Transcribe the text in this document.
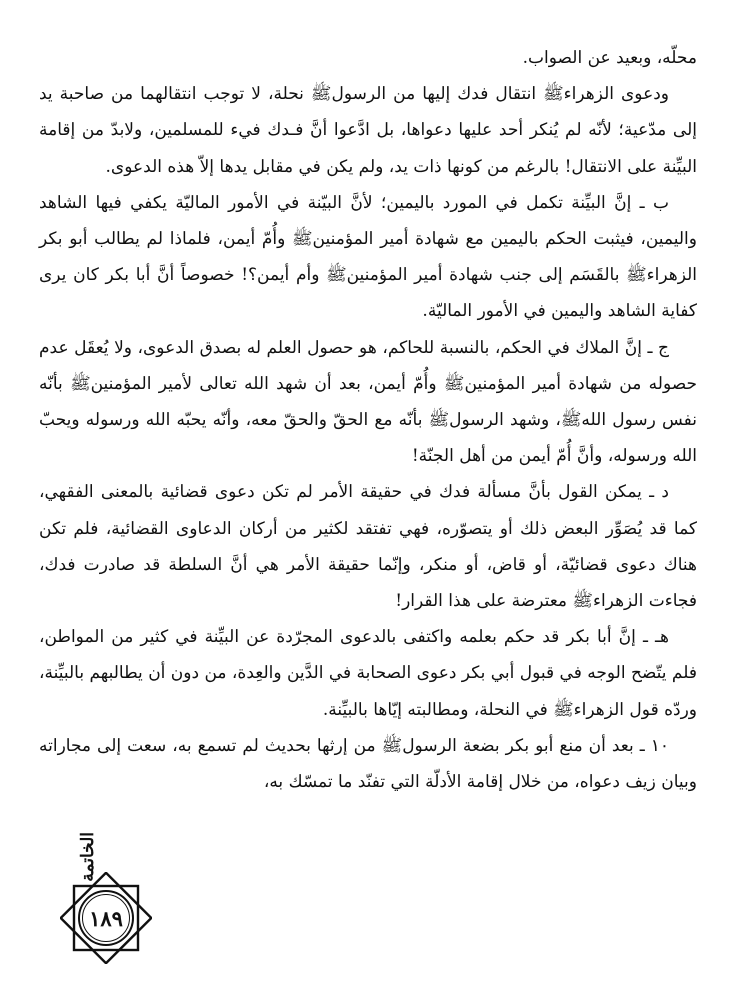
محلّه، وبعيد عن الصواب.

ودعوى الزهراءﷺ انتقال فدك إليها من الرسولﷺ نحلة، لا توجب انتقالهما من صاحبة يد إلى مدّعية؛ لأنّه لم يُنكر أحد عليها دعواها، بل ادَّعوا أنَّ فـدك فيء للمسلمين، ولابدّ من إقامة البيِّنة على الانتقال! بالرغم من كونها ذات يد، ولم يكن في مقابل يدها إلاّ هذه الدعوى.

ب ـ إنَّ البيِّنة تكمل في المورد باليمين؛ لأنَّ البيّنة في الأمور الماليّة يكفي فيها الشاهد واليمين، فيثبت الحكم باليمين مع شهادة أمير المؤمنينﷺ وأُمّ أيمن، فلماذا لم يطالب أبو بكر الزهراءﷺ بالقَسَم إلى جنب شهادة أمير المؤمنينﷺ وأم أيمن؟! خصوصاً أنَّ أبا بكر كان يرى كفاية الشاهد واليمين في الأمور الماليّة.

ج ـ إنَّ الملاك في الحكم، بالنسبة للحاكم، هو حصول العلم له بصدق الدعوى، ولا يُعقَل عدم حصوله من شهادة أمير المؤمنينﷺ وأُمّ أيمن، بعد أن شهد الله تعالى لأمير المؤمنينﷺ بأنّه نفس رسول اللهﷺ، وشهد الرسولﷺ بأنّه مع الحقّ والحقّ معه، وأنّه يحبّه الله ورسوله ويحبّ الله ورسوله، وأنَّ أُمّ أيمن من أهل الجنّة!

د ـ يمكن القول بأنَّ مسألة فدك في حقيقة الأمر لم تكن دعوى قضائية بالمعنى الفقهي، كما قد يُصَوِّر البعض ذلك أو يتصوّره، فهي تفتقد لكثير من أركان الدعاوى القضائية، فلم تكن هناك دعوى قضائيّة، أو قاض، أو منكر، وإنّما حقيقة الأمر هي أنَّ السلطة قد صادرت فدك، فجاءت الزهراءﷺ معترضة على هذا القرار!

هـ ـ إنَّ أبا بكر قد حكم بعلمه واكتفى بالدعوى المجرّدة عن البيِّنة في كثير من المواطن، فلم يتّضح الوجه في قبول أبي بكر دعوى الصحابة في الدَّين والعِدة، من دون أن يطالبهم بالبيِّنة، وردّه قول الزهراءﷺ في النحلة، ومطالبته إيّاها بالبيِّنة.

١٠ ـ بعد أن منع أبو بكر بضعة الرسولﷺ من إرثها بحديث لم تسمع به، سعت إلى مجاراته وبيان زيف دعواه، من خلال إقامة الأدلّة التي تفنّد ما تمسّك به،

الخاتمة
١٨٩
